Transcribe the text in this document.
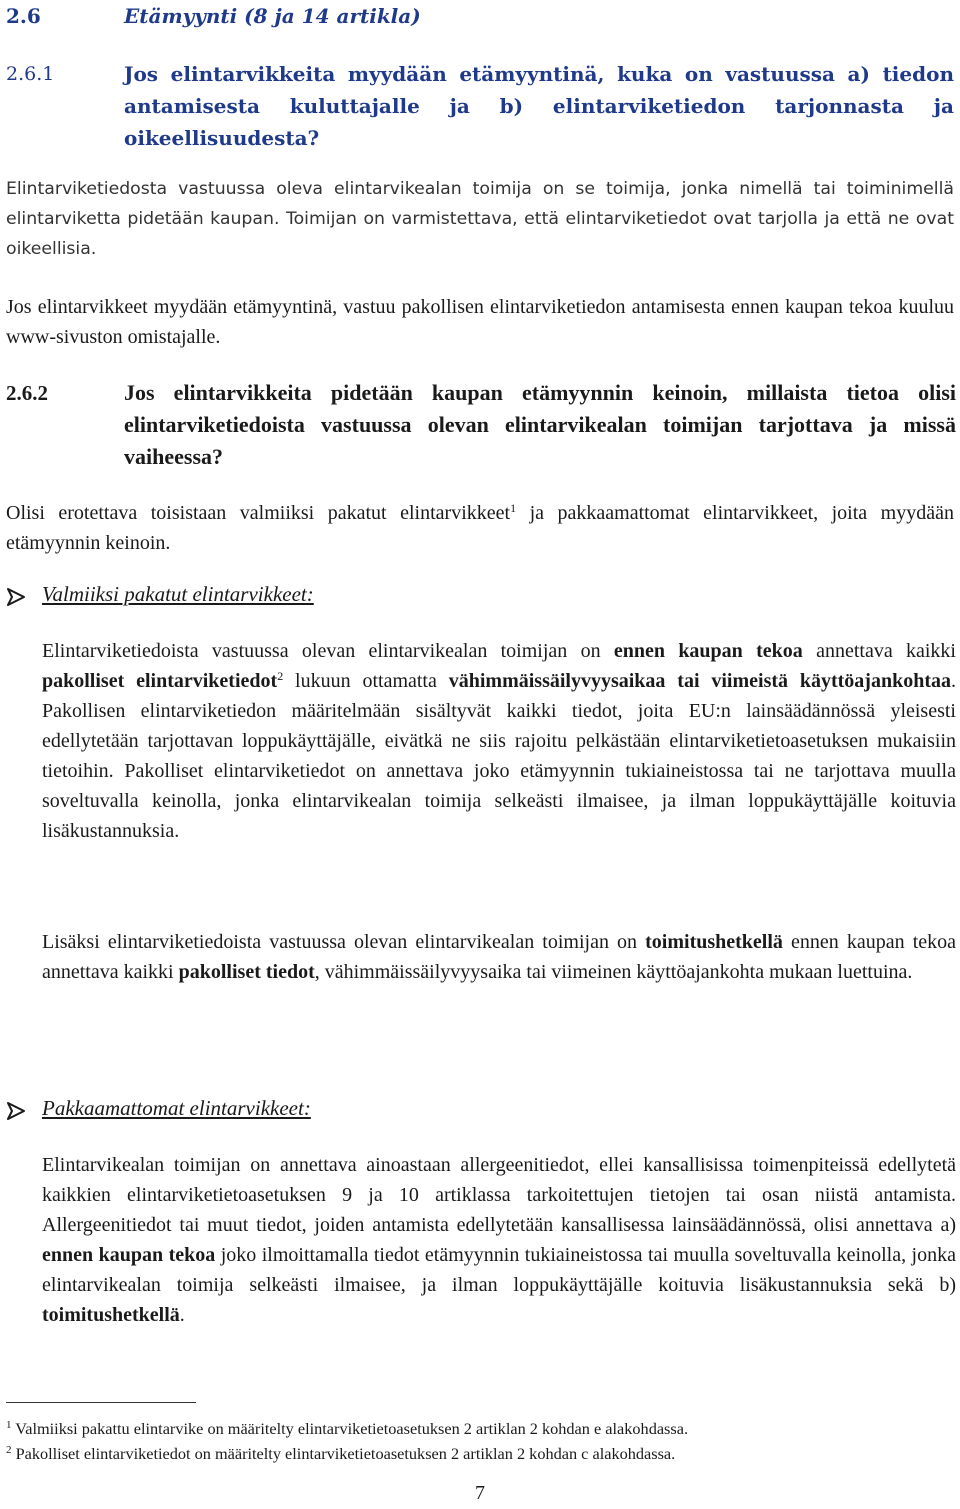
2.6	Etämyynti (8 ja 14 artikla)
2.6.1	Jos elintarvikkeita myydään etämyyntinä, kuka on vastuussa a) tiedon antamisesta kuluttajalle ja b) elintarviketiedon tarjonnasta ja oikeellisuudesta?
Elintarviketiedosta vastuussa oleva elintarvikealan toimija on se toimija, jonka nimellä tai toiminimellä elintarviketta pidetään kaupan. Toimijan on varmistettava, että elintarviketiedot ovat tarjolla ja että ne ovat oikeellisia.
Jos elintarvikkeet myydään etämyyntinä, vastuu pakollisen elintarviketiedon antamisesta ennen kaupan tekoa kuuluu www-sivuston omistajalle.
2.6.2	Jos elintarvikkeita pidetään kaupan etämyynnin keinoin, millaista tietoa olisi elintarviketiedoista vastuussa olevan elintarvikealan toimijan tarjottava ja missä vaiheessa?
Olisi erotettava toisistaan valmiiksi pakatut elintarvikkeet$^1$ ja pakkaamattomat elintarvikkeet, joita myydään etämyynnin keinoin.
Valmiiksi pakatut elintarvikkeet:
Elintarviketiedoista vastuussa olevan elintarvikealan toimijan on ennen kaupan tekoa annettava kaikki pakolliset elintarviketiedot$^2$ lukuun ottamatta vähimmäissäilyvyysaikaa tai viimeistä käyttöajankohtaa. Pakollisen elintarviketiedon määritelmään sisältyvät kaikki tiedot, joita EU:n lainsäädännössä yleisesti edellytetään tarjottavan loppukäyttäjälle, eivätkä ne siis rajoitu pelkästään elintarviketietoasetuksen mukaisiin tietoihin. Pakolliset elintarviketiedot on annettava joko etämyynnin tukiaineistossa tai ne tarjottava muulla soveltuvalla keinolla, jonka elintarvikealan toimija selkeästi ilmaisee, ja ilman loppukäyttäjälle koituvia lisäkustannuksia.
Lisäksi elintarviketiedoista vastuussa olevan elintarvikealan toimijan on toimitushetkellä ennen kaupan tekoa annettava kaikki pakolliset tiedot, vähimmäissäilyvyysaika tai viimeinen käyttöajankohta mukaan luettuina.
Pakkaamattomat elintarvikkeet:
Elintarvikealan toimijan on annettava ainoastaan allergeenitiedot, ellei kansallisissa toimenpiteissä edellytetä kaikkien elintarviketietoasetuksen 9 ja 10 artiklassa tarkoitettujen tietojen tai osan niistä antamista. Allergeenitiedot tai muut tiedot, joiden antamista edellytetään kansallisessa lainsäädännössä, olisi annettava a) ennen kaupan tekoa joko ilmoittamalla tiedot etämyynnin tukiaineistossa tai muulla soveltuvalla keinolla, jonka elintarvikealan toimija selkeästi ilmaisee, ja ilman loppukäyttäjälle koituvia lisäkustannuksia sekä b) toimitushetkellä.
$^1$ Valmiiksi pakattu elintarvike on määritelty elintarviketietoasetuksen 2 artiklan 2 kohdan e alakohdassa.
$^2$ Pakolliset elintarviketiedot on määritelty elintarviketietoasetuksen 2 artiklan 2 kohdan c alakohdassa.
7
